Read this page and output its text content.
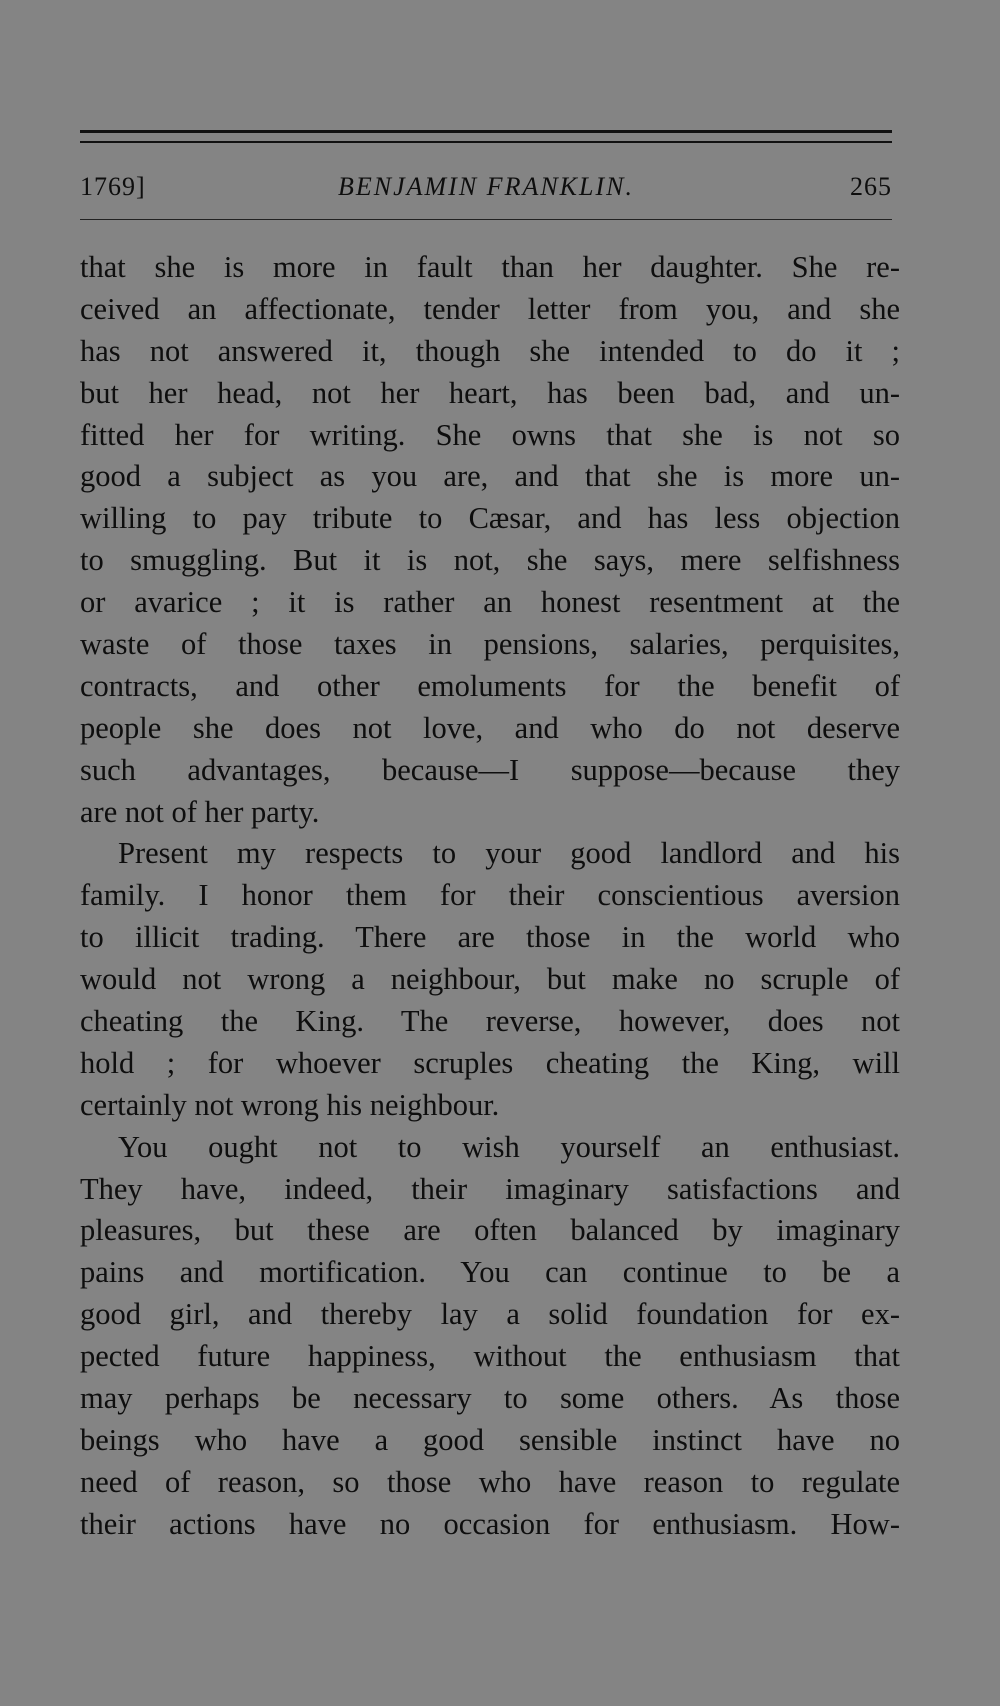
1769]	BENJAMIN FRANKLIN.	265
that she is more in fault than her daughter. She re-
ceived an affectionate, tender letter from you, and she
has not answered it, though she intended to do it ;
but her head, not her heart, has been bad, and un-
fitted her for writing. She owns that she is not so
good a subject as you are, and that she is more un-
willing to pay tribute to Cæsar, and has less objection
to smuggling. But it is not, she says, mere selfishness
or avarice ; it is rather an honest resentment at the
waste of those taxes in pensions, salaries, perquisites,
contracts, and other emoluments for the benefit of
people she does not love, and who do not deserve
such advantages, because—I suppose—because they
are not of her party.
Present my respects to your good landlord and his
family. I honor them for their conscientious aversion
to illicit trading. There are those in the world who
would not wrong a neighbour, but make no scruple of
cheating the King. The reverse, however, does not
hold ; for whoever scruples cheating the King, will
certainly not wrong his neighbour.
You ought not to wish yourself an enthusiast.
They have, indeed, their imaginary satisfactions and
pleasures, but these are often balanced by imaginary
pains and mortification. You can continue to be a
good girl, and thereby lay a solid foundation for ex-
pected future happiness, without the enthusiasm that
may perhaps be necessary to some others. As those
beings who have a good sensible instinct have no
need of reason, so those who have reason to regulate
their actions have no occasion for enthusiasm. How-
